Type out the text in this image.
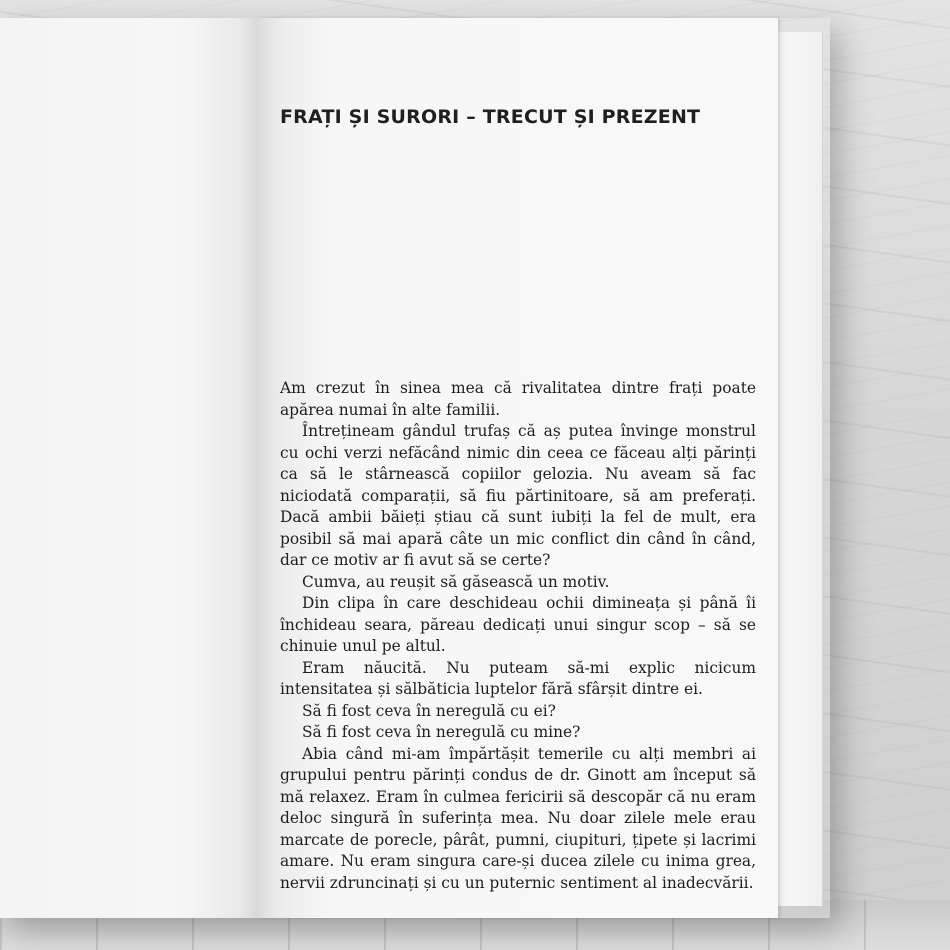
FRAȚI ȘI SURORI – TRECUT ȘI PREZENT

Am crezut în sinea mea că rivalitatea dintre frați poate apărea numai în alte familii.

Întrețineam gândul trufaș că aș putea învinge monstrul cu ochi verzi nefăcând nimic din ceea ce făceau alți părinți ca să le stârnească copiilor gelozia. Nu aveam să fac niciodată comparații, să fiu părtinitoare, să am preferați. Dacă ambii băieți știau că sunt iubiți la fel de mult, era posibil să mai apară câte un mic conflict din când în când, dar ce motiv ar fi avut să se certe?

Cumva, au reușit să găsească un motiv.

Din clipa în care deschideau ochii dimineața și până îi închideau seara, păreau dedicați unui singur scop – să se chinuie unul pe altul.

Eram năucită. Nu puteam să-mi explic nicicum intensitatea și sălbăticia luptelor fără sfârșit dintre ei.

Să fi fost ceva în neregulă cu ei?

Să fi fost ceva în neregulă cu mine?

Abia când mi-am împărtășit temerile cu alți membri ai grupului pentru părinți condus de dr. Ginott am început să mă relaxez. Eram în culmea fericirii să descopăr că nu eram deloc singură în suferința mea. Nu doar zilele mele erau marcate de porecle, pârât, pumni, ciupituri, țipete și lacrimi amare. Nu eram singura care-și ducea zilele cu inima grea, nervii zdruncinați și cu un puternic sentiment al inadecvării.
